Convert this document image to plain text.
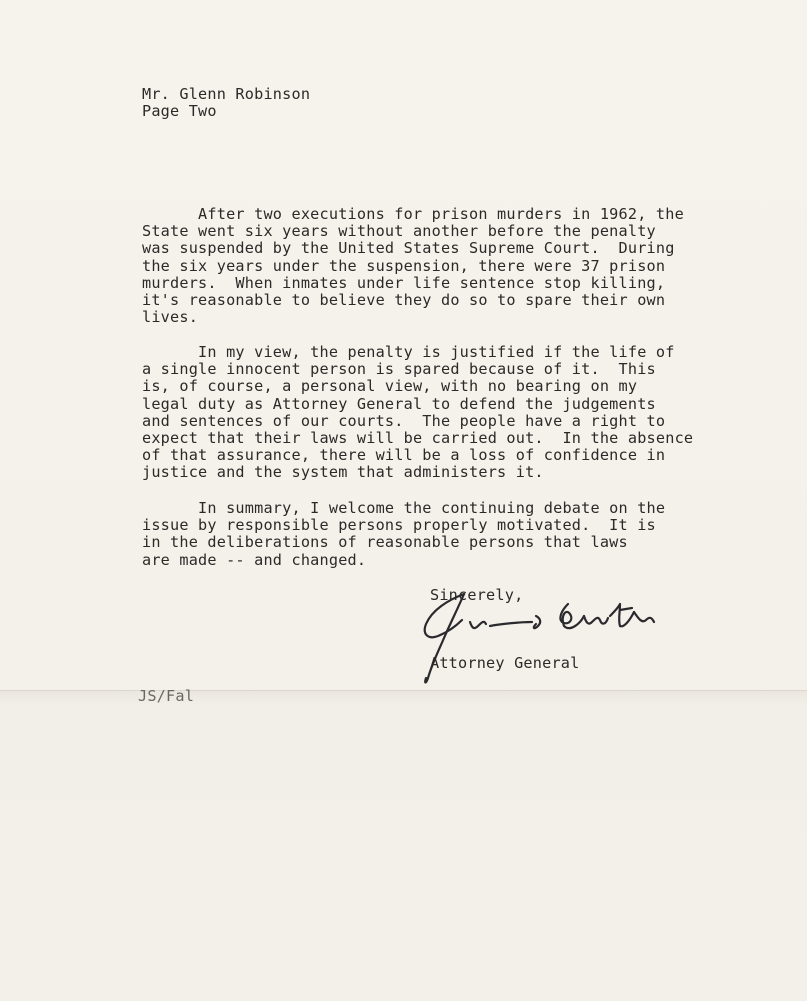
Mr. Glenn Robinson
Page Two
After two executions for prison murders in 1962, the
State went six years without another before the penalty
was suspended by the United States Supreme Court.  During
the six years under the suspension, there were 37 prison
murders.  When inmates under life sentence stop killing,
it's reasonable to believe they do so to spare their own
lives.
In my view, the penalty is justified if the life of
a single innocent person is spared because of it.  This
is, of course, a personal view, with no bearing on my
legal duty as Attorney General to defend the judgements
and sentences of our courts.  The people have a right to
expect that their laws will be carried out.  In the absence
of that assurance, there will be a loss of confidence in
justice and the system that administers it.
In summary, I welcome the continuing debate on the
issue by responsible persons properly motivated.  It is
in the deliberations of reasonable persons that laws
are made -- and changed.
Sincerely,
Attorney General
JS/Fal
